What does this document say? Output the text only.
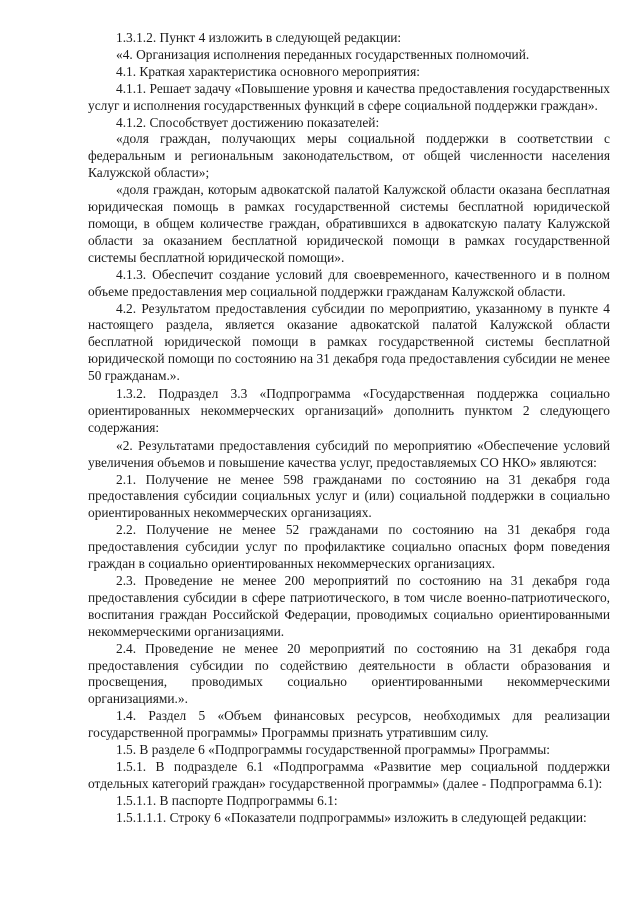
1.3.1.2. Пункт 4 изложить в следующей редакции:

«4. Организация исполнения переданных государственных полномочий.

4.1. Краткая характеристика основного мероприятия:

4.1.1. Решает задачу «Повышение уровня и качества предоставления государственных услуг и исполнения государственных функций в сфере социальной поддержки граждан».

4.1.2. Способствует достижению показателей:

«доля граждан, получающих меры социальной поддержки в соответствии с федеральным и региональным законодательством, от общей численности населения Калужской области»;

«доля граждан, которым адвокатской палатой Калужской области оказана бесплатная юридическая помощь в рамках государственной системы бесплатной юридической помощи, в общем количестве граждан, обратившихся в адвокатскую палату Калужской области за оказанием бесплатной юридической помощи в рамках государственной системы бесплатной юридической помощи».

4.1.3. Обеспечит создание условий для своевременного, качественного и в полном объеме предоставления мер социальной поддержки гражданам Калужской области.

4.2. Результатом предоставления субсидии по мероприятию, указанному в пункте 4 настоящего раздела, является оказание адвокатской палатой Калужской области бесплатной юридической помощи в рамках государственной системы бесплатной юридической помощи по состоянию на 31 декабря года предоставления субсидии не менее 50 гражданам.».

1.3.2. Подраздел 3.3 «Подпрограмма «Государственная поддержка социально ориентированных некоммерческих организаций» дополнить пунктом 2 следующего содержания:

«2. Результатами предоставления субсидий по мероприятию «Обеспечение условий увеличения объемов и повышение качества услуг, предоставляемых СО НКО» являются:

2.1. Получение не менее 598 гражданами по состоянию на 31 декабря года предоставления субсидии социальных услуг и (или) социальной поддержки в социально ориентированных некоммерческих организациях.

2.2. Получение не менее 52 гражданами по состоянию на 31 декабря года предоставления субсидии услуг по профилактике социально опасных форм поведения граждан в социально ориентированных некоммерческих организациях.

2.3. Проведение не менее 200 мероприятий по состоянию на 31 декабря года предоставления субсидии в сфере патриотического, в том числе военно-патриотического, воспитания граждан Российской Федерации, проводимых социально ориентированными некоммерческими организациями.

2.4. Проведение не менее 20 мероприятий по состоянию на 31 декабря года предоставления субсидии по содействию деятельности в области образования и просвещения, проводимых социально ориентированными некоммерческими организациями.».

1.4. Раздел 5 «Объем финансовых ресурсов, необходимых для реализации государственной программы» Программы признать утратившим силу.

1.5. В разделе 6 «Подпрограммы государственной программы» Программы:

1.5.1. В подразделе 6.1 «Подпрограмма «Развитие мер социальной поддержки отдельных категорий граждан» государственной программы» (далее - Подпрограмма 6.1):

1.5.1.1. В паспорте Подпрограммы 6.1:

1.5.1.1.1. Строку 6 «Показатели подпрограммы» изложить в следующей редакции:
